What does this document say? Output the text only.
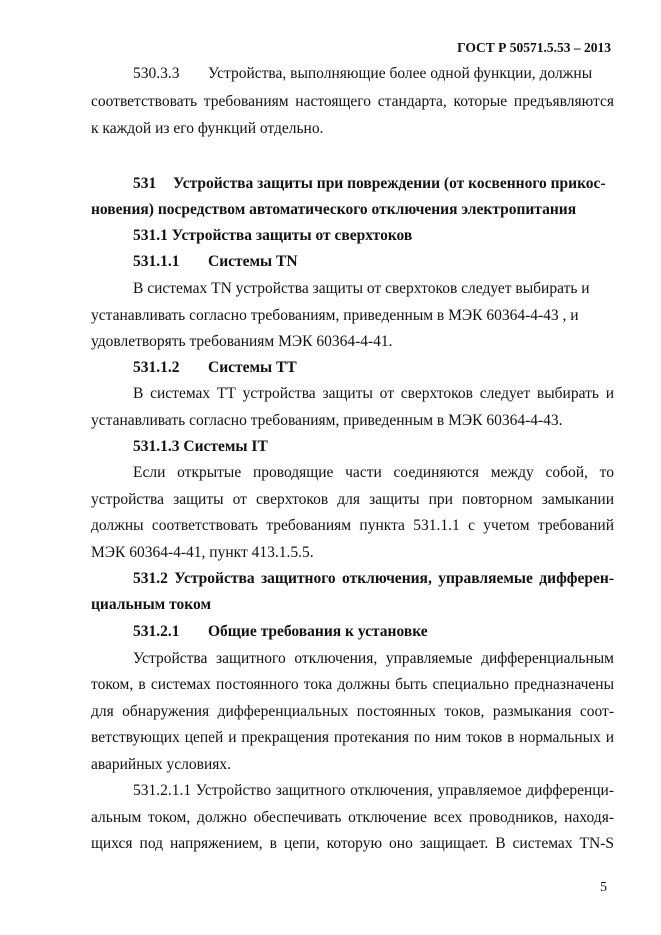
ГОСТ Р 50571.5.53 – 2013
530.3.3 Устройства, выполняющие более одной функции, должны
соответствовать требованиям настоящего стандарта, которые предъявляются
к каждой из его функций отдельно.
531 Устройства защиты при повреждении (от косвенного прикос-
новения) посредством автоматического отключения электропитания
531.1 Устройства защиты от сверхтоков
531.1.1 Системы TN
В системах TN устройства защиты от сверхтоков следует выбирать и
устанавливать согласно требованиям, приведенным в МЭК 60364-4-43 , и
удовлетворять требованиям МЭК 60364-4-41.
531.1.2 Системы ТТ
В системах ТТ устройства защиты от сверхтоков следует выбирать и
устанавливать согласно требованиям, приведенным в МЭК 60364-4-43.
531.1.3 Системы IT
Если открытые проводящие части соединяются между собой, то
устройства защиты от сверхтоков для защиты при повторном замыкании
должны соответствовать требованиям пункта 531.1.1 с учетом требований
МЭК 60364-4-41, пункт 413.1.5.5.
531.2 Устройства защитного отключения, управляемые дифферен-
циальным током
531.2.1 Общие требования к установке
Устройства защитного отключения, управляемые дифференциальным
током, в системах постоянного тока должны быть специально предназначены
для обнаружения дифференциальных постоянных токов, размыкания соот-
ветствующих цепей и прекращения протекания по ним токов в нормальных и
аварийных условиях.
531.2.1.1 Устройство защитного отключения, управляемое дифференци-
альным током, должно обеспечивать отключение всех проводников, находя-
щихся под напряжением, в цепи, которую оно защищает. В системах TN-S
5
